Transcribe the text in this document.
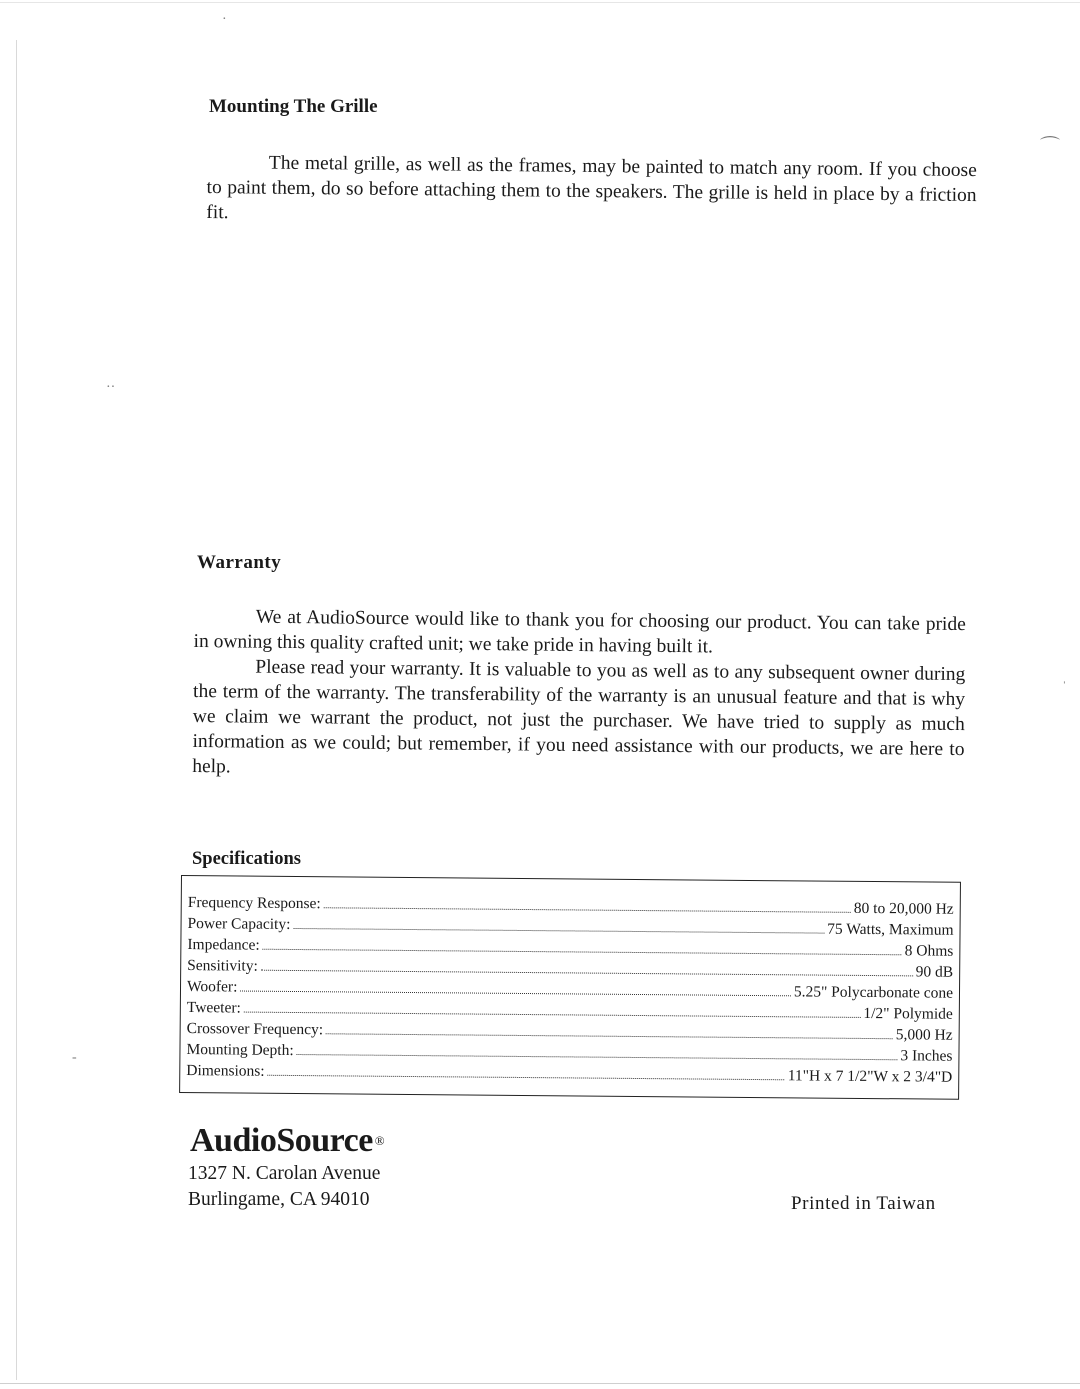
·
⌒
··
ˈ
-
Mounting The Grille

The metal grille, as well as the frames, may be painted to match any room. If you choose to paint them, do so before attaching them to the speakers. The grille is held in place by a friction fit.

Warranty

We at AudioSource would like to thank you for choosing our product. You can take pride in owning this quality crafted unit; we take pride in having built it.

Please read your warranty. It is valuable to you as well as to any subsequent owner during the term of the warranty. The transferability of the warranty is an unusual feature and that is why we claim we warrant the product, not just the purchaser. We have tried to supply as much information as we could; but remember, if you need assistance with our products, we are here to help.

Specifications
Frequency Response:	80 to 20,000 Hz
Power Capacity:	75 Watts, Maximum
Impedance:	8 Ohms
Sensitivity:	90 dB
Woofer:	5.25" Polycarbonate cone
Tweeter:	1/2" Polymide
Crossover Frequency:	5,000 Hz
Mounting Depth:	3 Inches
Dimensions:	11"H x 7 1/2"W x 2 3/4"D
AudioSource ®
1327 N. Carolan Avenue
Burlingame, CA 94010	Printed in Taiwan
